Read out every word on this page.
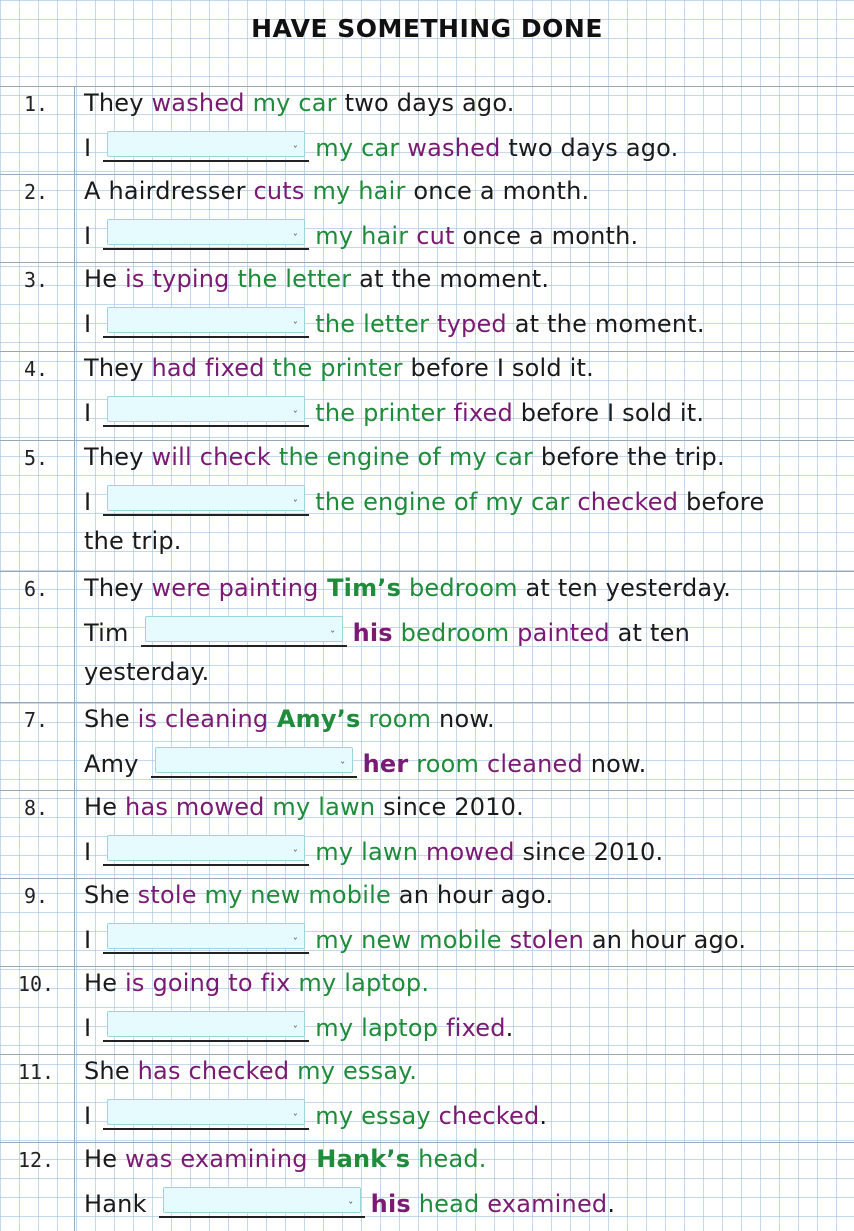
HAVE SOMETHING DONE
1.	They washed my car two days ago.
I	ˇ my car washed two days ago.
2.	A hairdresser cuts my hair once a month.
I	ˇ my hair cut once a month.
3.	He is typing the letter at the moment.
I	ˇ the letter typed at the moment.
4.	They had fixed the printer before I sold it.
I	ˇ the printer fixed before I sold it.
5.	They will check the engine of my car before the trip.
I	ˇ the engine of my car checked before
the trip.
6.	They were painting Tim’s bedroom at ten yesterday.
Tim	ˇ his bedroom painted at ten
yesterday.
7.	She is cleaning Amy’s room now.
Amy	ˇ her room cleaned now.
8.	He has mowed my lawn since 2010.
I	ˇ my lawn mowed since 2010.
9.	She stole my new mobile an hour ago.
I	ˇ my new mobile stolen an hour ago.
10.	He is going to fix my laptop.
I	ˇ my laptop fixed.
11.	She has checked my essay.
I	ˇ my essay checked.
12.	He was examining Hank’s head.
Hank	ˇ his head examined.
